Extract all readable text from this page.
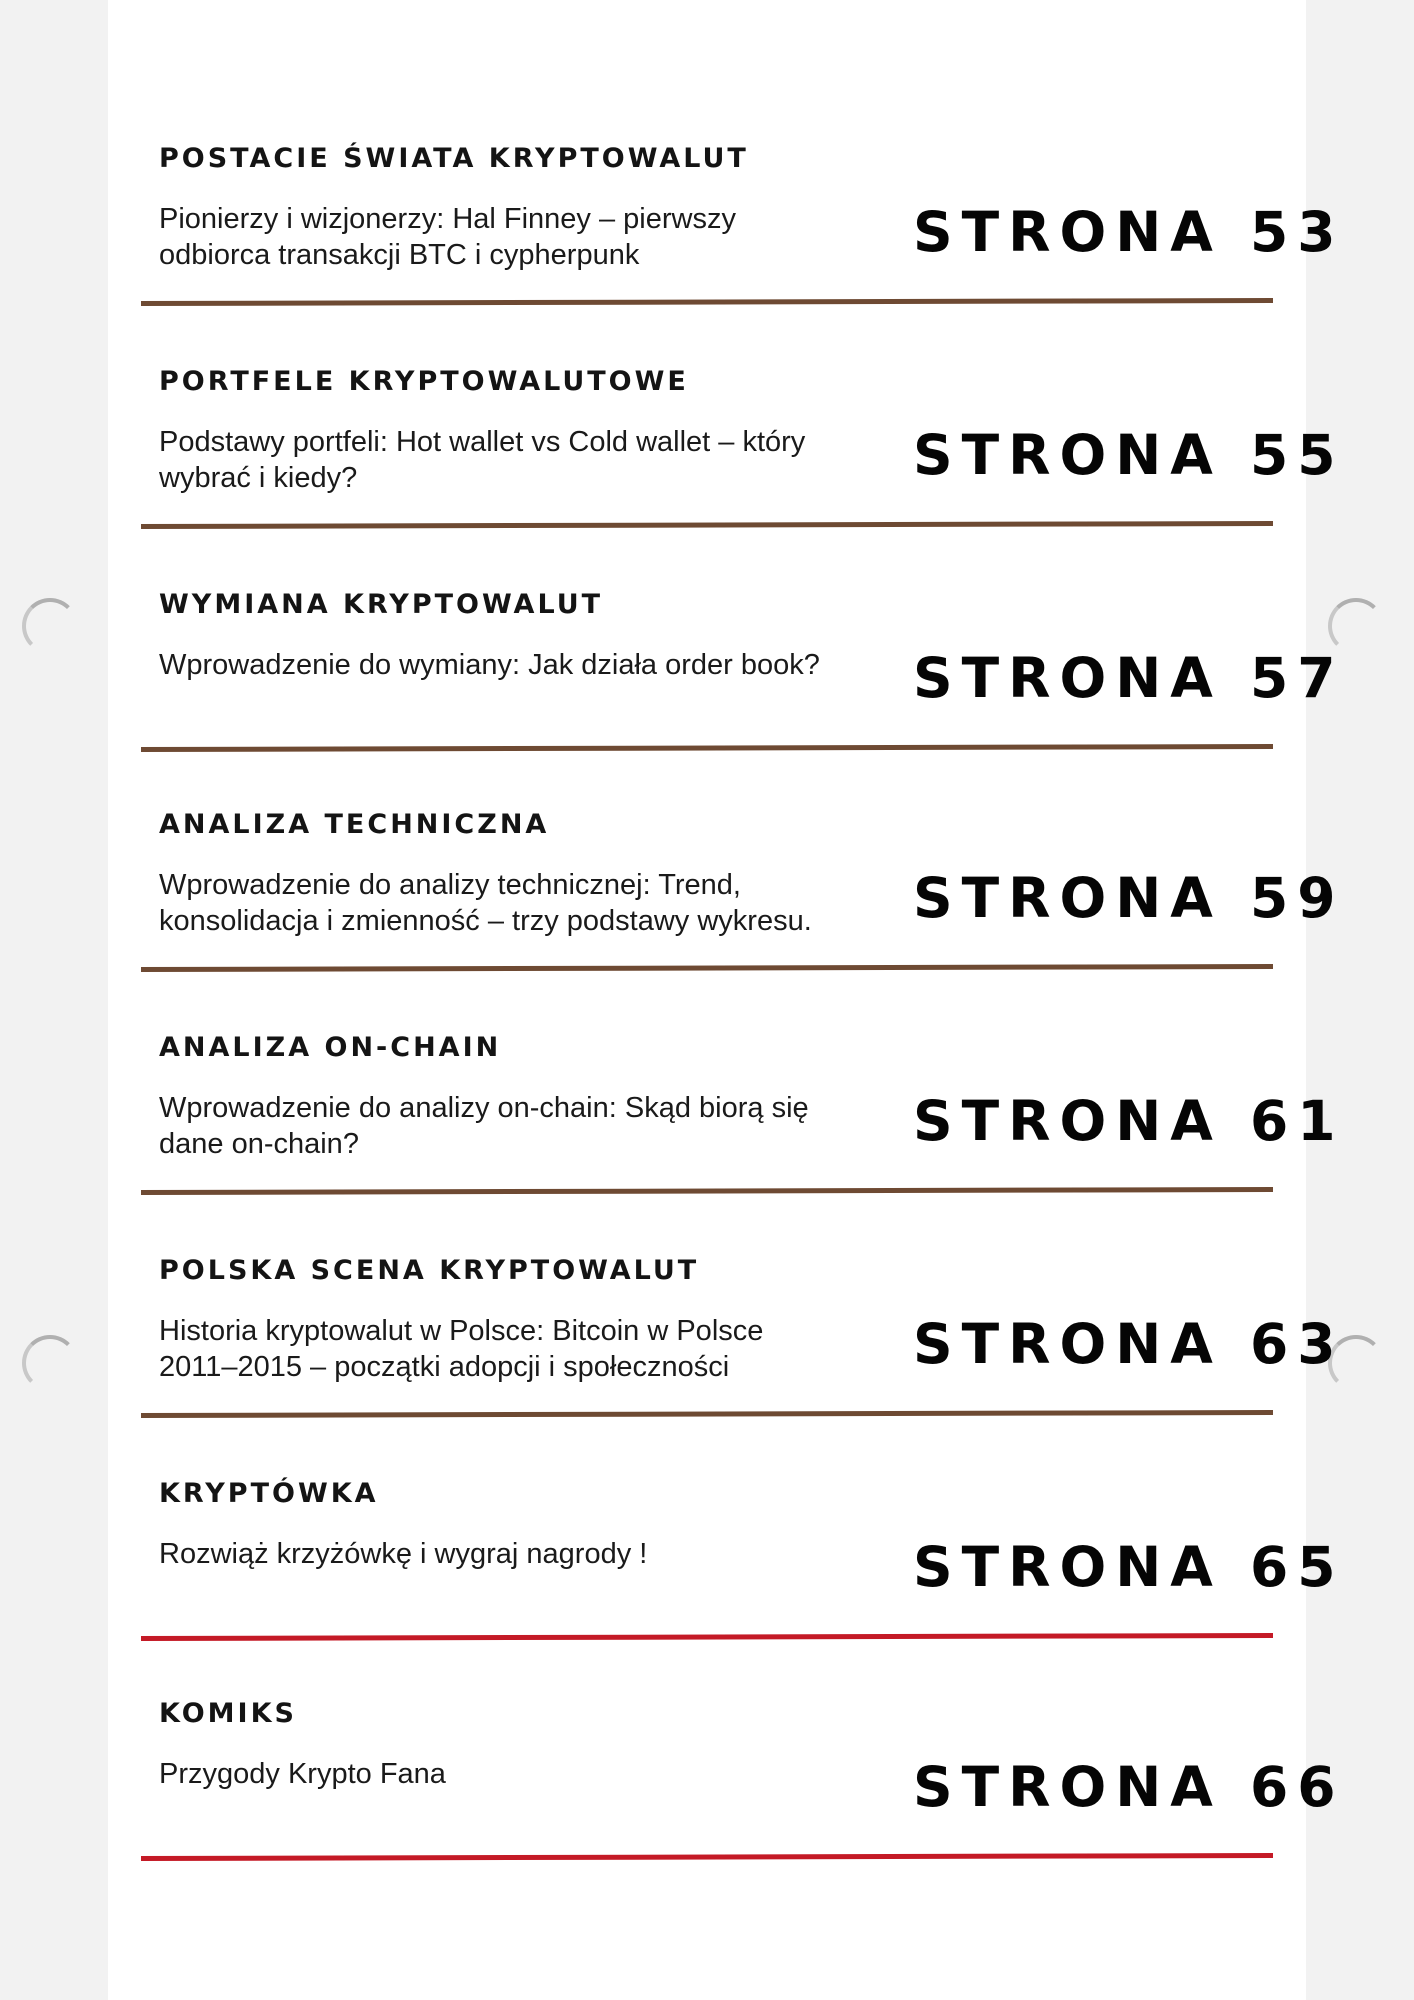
POSTACIE ŚWIATA KRYPTOWALUT
Pionierzy i wizjonerzy: Hal Finney – pierwszy odbiorca transakcji BTC i cypherpunk	STRONA 53
PORTFELE KRYPTOWALUTOWE
Podstawy portfeli: Hot wallet vs Cold wallet – który wybrać i kiedy?	STRONA 55
WYMIANA KRYPTOWALUT
Wprowadzenie do wymiany: Jak działa order book?	STRONA 57
ANALIZA TECHNICZNA
Wprowadzenie do analizy technicznej: Trend, konsolidacja i zmienność – trzy podstawy wykresu.	STRONA 59
ANALIZA ON-CHAIN
Wprowadzenie do analizy on-chain: Skąd biorą się dane on-chain?	STRONA 61
POLSKA SCENA KRYPTOWALUT
Historia kryptowalut w Polsce: Bitcoin w Polsce 2011–2015 – początki adopcji i społeczności	STRONA 63
KRYPTÓWKA
Rozwiąż krzyżówkę i wygraj nagrody !	STRONA 65
KOMIKS
Przygody Krypto Fana	STRONA 66
